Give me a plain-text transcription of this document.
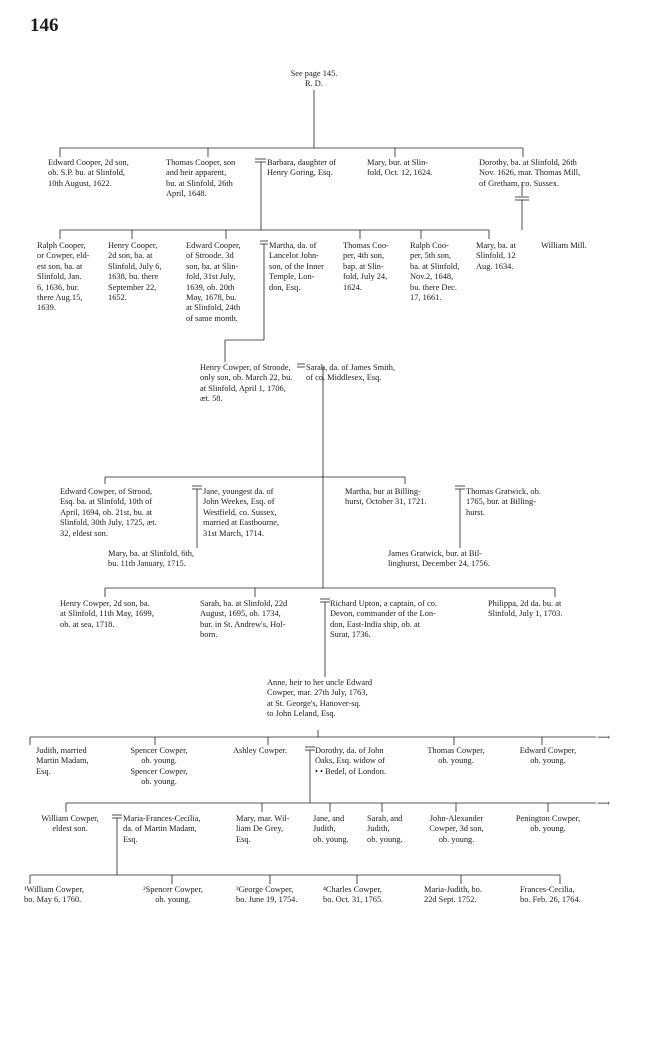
146
See page 145.
R. D.
⟶
⟶
Edward Cooper, 2d son,
ob. S.P. bu. at Slinfold,
10th August, 1622.
Thomas Cooper, son
and heir apparent,
bu. at Slinfold, 26th
April, 1648.
Barbara, daughter of
Henry Goring, Esq.
Mary, bur. at Slin-
fold, Oct. 12, 1624.
Dorothy, ba. at Slinfold, 26th
Nov. 1626, mar. Thomas Mill,
of Gretham, co. Sussex.
Ralph Cooper,
or Cowper, eld-
est son, ba. at
Slinfold, Jan.
6, 1636, bur.
there Aug.15,
1639.
Henry Cooper,
2d son, ba. at
Slinfold, July 6,
1638, bu. there
September 22,
1652.
Edward Cooper,
of Stroode, 3d
son, ba. at Slin-
fold, 31st July,
1639, ob. 20th
May, 1678, bu.
at Slinfold, 24th
of same month.
Martha, da. of
Lancelot John-
son, of the Inner
Temple, Lon-
don, Esq.
Thomas Coo-
per, 4th son,
bap. at Slin-
fold, July 24,
1624.
Ralph Coo-
per, 5th son,
ba. at Slinfold,
Nov.2, 1648,
bu. there Dec.
17, 1661.
Mary, ba. at
Slinfold, 12
Aug. 1634.
William Mill.
Henry Cowper, of Stroode,
only son, ob. March 22, bu.
at Slinfold, April 1, 1706,
æt. 58.
Sarah, da. of James Smith,
of co. Middlesex, Esq.
Edward Cowper, of Strood,
Esq. ba. at Slinfold, 10th of
April, 1694, ob. 21st, bu. at
Slinfold, 30th July, 1725, æt.
32, eldest son.
Jane, youngest da. of
John Weekes, Esq. of
Westfield, co. Sussex,
married at Eastbourne,
31st March, 1714.
Martha, bur at Billing-
hurst, October 31, 1721.
Thomas Gratwick, ob.
1765, bur. at Billing-
hurst.
Mary, ba. at Slinfold, 6th,
bu. 11th January, 1715.
James Gratwick, bur. at Bil-
linghurst, December 24, 1756.
Henry Cowper, 2d son, ba.
at Slinfold, 11th May, 1699,
ob. at sea, 1718.
Sarah, ba. at Slinfold, 22d
August, 1695, ob. 1734,
bur. in St. Andrew's, Hol-
born.
Richard Upton, a captain, of co.
Devon, commander of the Lon-
don, East-India ship, ob. at
Surat, 1736.
Philippa, 2d da. bu. at
Slinfold, July 1, 1703.
Anne, heir to her uncle Edward
Cowper, mar. 27th July, 1763,
at St. George's, Hanover-sq.
to John Leland, Esq.
Judith, married
Martin Madam,
Esq.
Spencer Cowper,
ob. young.
Spencer Cowper,
ob. young.
Ashley Cowper.	Dorothy, da. of John
Oaks, Esq. widow of
• • Bedel, of London.
Thomas Cowper,
ob. young.
Edward Cowper,
ob. young.
William Cowper,
eldest son.
Maria-Frances-Cecilia,
da. of Martin Madam,
Esq.
Mary, mar. Wil-
liam De Grey,
Esq.
Jane, and
Judith,
ob. young.
Sarah, and
Judith,
ob. young.
John-Alexander
Cowper, 3d son,
ob. young.
Penington Cowper,
ob. young.
¹William Cowper,
bo. May 6, 1760.
²Spencer Cowper,
ob. young.
³George Cowper,
bo. June 19, 1754.
⁴Charles Cowper,
bo. Oct. 31, 1765.
Maria-Judith, bo.
22d Sept. 1752.
Frances-Cecilia,
bo. Feb. 26, 1764.
